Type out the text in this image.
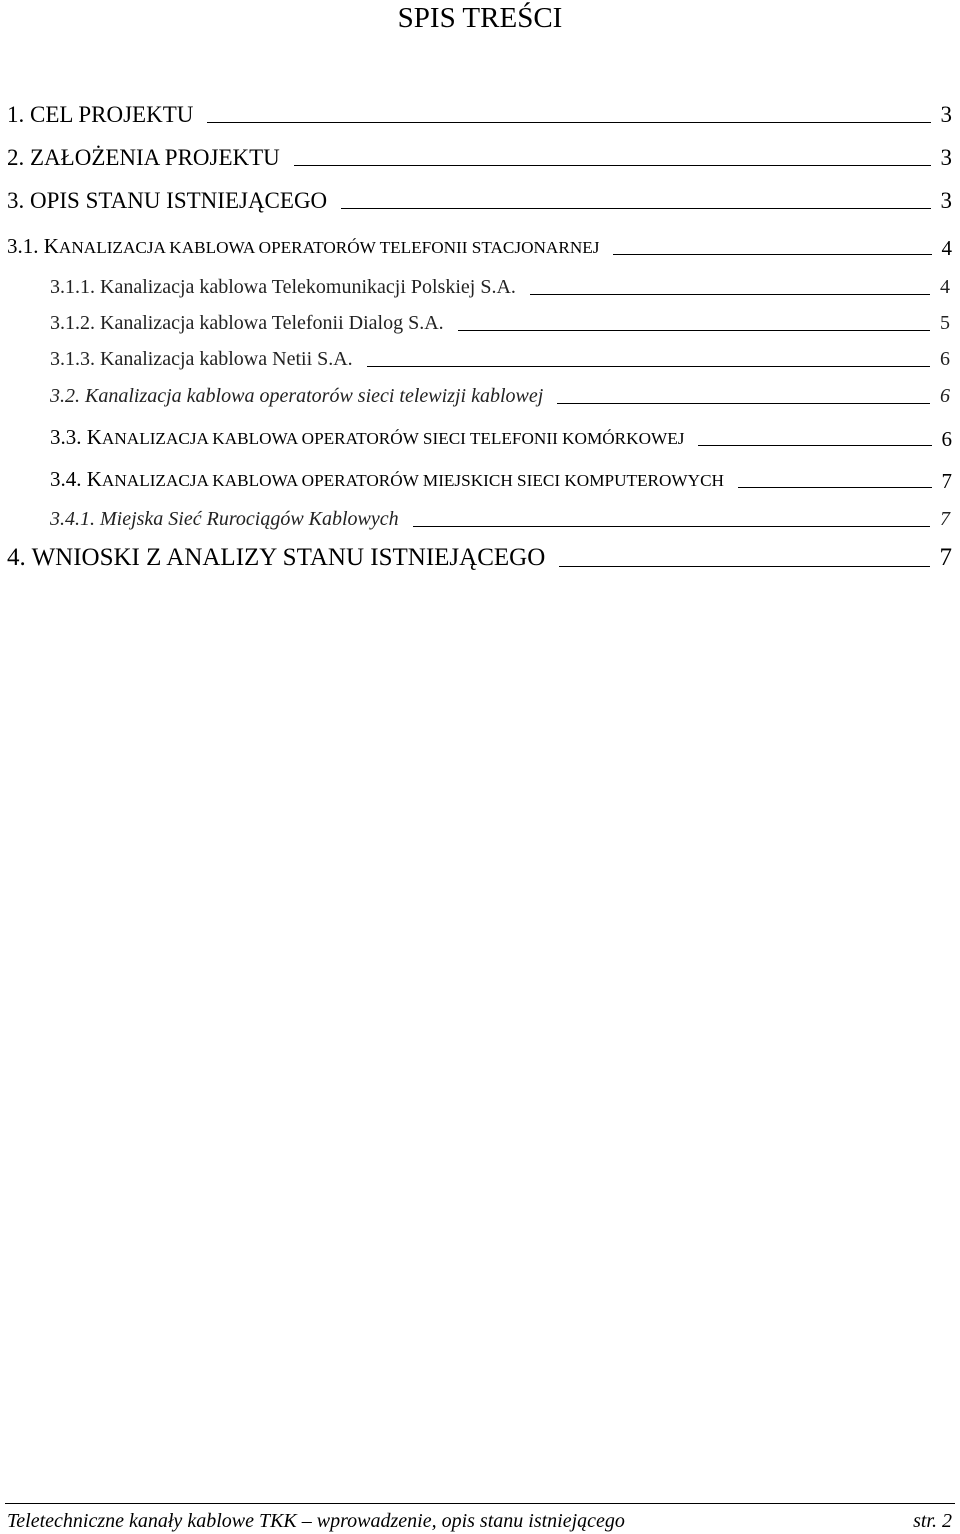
SPIS TREŚCI
1. CEL PROJEKTU	3
2. ZAŁOŻENIA PROJEKTU	3
3. OPIS STANU ISTNIEJĄCEGO	3
3.1. KANALIZACJA KABLOWA OPERATORÓW TELEFONII STACJONARNEJ	4
3.1.1. Kanalizacja kablowa Telekomunikacji Polskiej S.A.	4
3.1.2. Kanalizacja kablowa Telefonii Dialog S.A.	5
3.1.3. Kanalizacja kablowa Netii S.A.	6
3.2. Kanalizacja kablowa operatorów sieci telewizji kablowej	6
3.3. KANALIZACJA KABLOWA OPERATORÓW SIECI TELEFONII KOMÓRKOWEJ	6
3.4. KANALIZACJA KABLOWA OPERATORÓW MIEJSKICH SIECI KOMPUTEROWYCH	7
3.4.1. Miejska Sieć Rurociągów Kablowych	7
4. WNIOSKI Z ANALIZY STANU ISTNIEJĄCEGO	7
Teletechniczne kanały kablowe TKK – wprowadzenie, opis stanu istniejącego	str. 2
